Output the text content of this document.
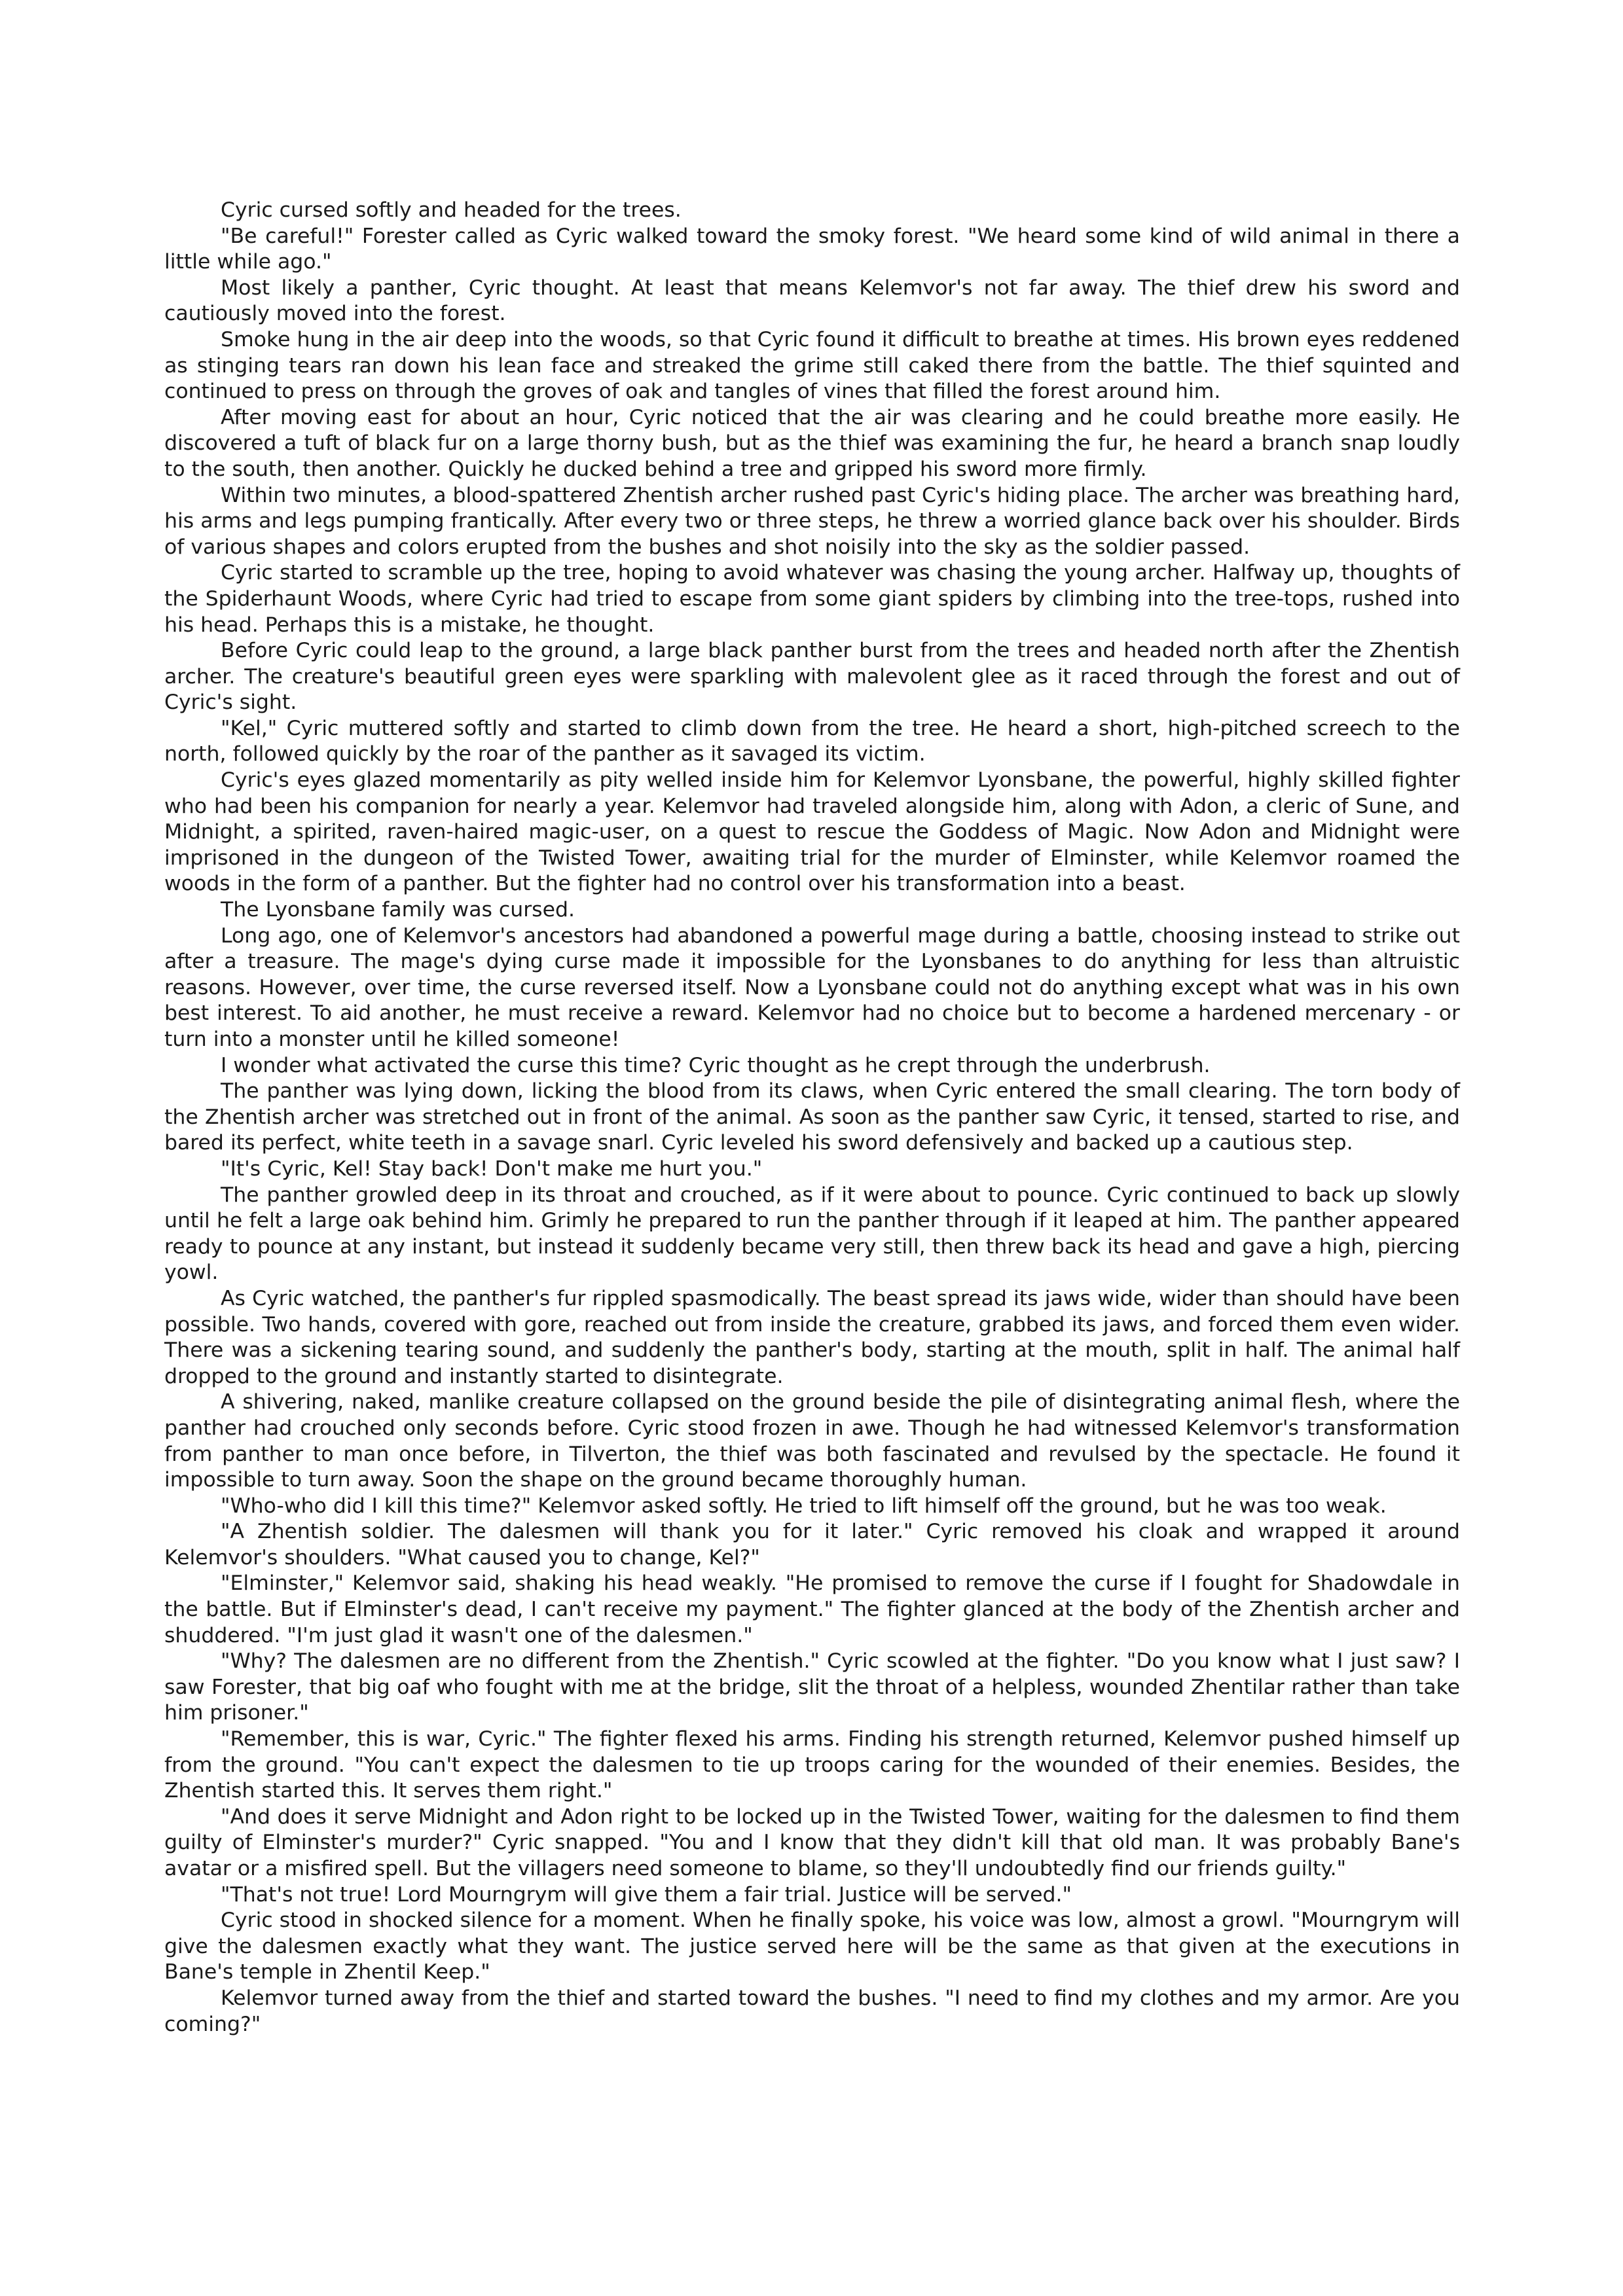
Cyric cursed softly and headed for the trees.

"Be careful!" Forester called as Cyric walked toward the smoky forest. "We heard some kind of wild animal in there a little while ago."

Most likely a panther, Cyric thought. At least that means Kelemvor's not far away. The thief drew his sword and cautiously moved into the forest.

Smoke hung in the air deep into the woods, so that Cyric found it difficult to breathe at times. His brown eyes reddened as stinging tears ran down his lean face and streaked the grime still caked there from the battle. The thief squinted and continued to press on through the groves of oak and tangles of vines that filled the forest around him.

After moving east for about an hour, Cyric noticed that the air was clearing and he could breathe more easily. He discovered a tuft of black fur on a large thorny bush, but as the thief was examining the fur, he heard a branch snap loudly to the south, then another. Quickly he ducked behind a tree and gripped his sword more firmly.

Within two minutes, a blood-spattered Zhentish archer rushed past Cyric's hiding place. The archer was breathing hard, his arms and legs pumping frantically. After every two or three steps, he threw a worried glance back over his shoulder. Birds of various shapes and colors erupted from the bushes and shot noisily into the sky as the soldier passed.

Cyric started to scramble up the tree, hoping to avoid whatever was chasing the young archer. Halfway up, thoughts of the Spiderhaunt Woods, where Cyric had tried to escape from some giant spiders by climbing into the tree-tops, rushed into his head. Perhaps this is a mistake, he thought.

Before Cyric could leap to the ground, a large black panther burst from the trees and headed north after the Zhentish archer. The creature's beautiful green eyes were sparkling with malevolent glee as it raced through the forest and out of Cyric's sight.

"Kel," Cyric muttered softly and started to climb down from the tree. He heard a short, high-pitched screech to the north, followed quickly by the roar of the panther as it savaged its victim.

Cyric's eyes glazed momentarily as pity welled inside him for Kelemvor Lyonsbane, the powerful, highly skilled fighter who had been his companion for nearly a year. Kelemvor had traveled alongside him, along with Adon, a cleric of Sune, and Midnight, a spirited, raven-haired magic-user, on a quest to rescue the Goddess of Magic. Now Adon and Midnight were imprisoned in the dungeon of the Twisted Tower, awaiting trial for the murder of Elminster, while Kelemvor roamed the woods in the form of a panther. But the fighter had no control over his transformation into a beast.

The Lyonsbane family was cursed.

Long ago, one of Kelemvor's ancestors had abandoned a powerful mage during a battle, choosing instead to strike out after a treasure. The mage's dying curse made it impossible for the Lyonsbanes to do anything for less than altruistic reasons. However, over time, the curse reversed itself. Now a Lyonsbane could not do anything except what was in his own best interest. To aid another, he must receive a reward. Kelemvor had no choice but to become a hardened mercenary - or turn into a monster until he killed someone!

I wonder what activated the curse this time? Cyric thought as he crept through the underbrush.

The panther was lying down, licking the blood from its claws, when Cyric entered the small clearing. The torn body of the Zhentish archer was stretched out in front of the animal. As soon as the panther saw Cyric, it tensed, started to rise, and bared its perfect, white teeth in a savage snarl. Cyric leveled his sword defensively and backed up a cautious step.

"It's Cyric, Kel! Stay back! Don't make me hurt you."

The panther growled deep in its throat and crouched, as if it were about to pounce. Cyric continued to back up slowly until he felt a large oak behind him. Grimly he prepared to run the panther through if it leaped at him. The panther appeared ready to pounce at any instant, but instead it suddenly became very still, then threw back its head and gave a high, piercing yowl.

As Cyric watched, the panther's fur rippled spasmodically. The beast spread its jaws wide, wider than should have been possible. Two hands, covered with gore, reached out from inside the creature, grabbed its jaws, and forced them even wider. There was a sickening tearing sound, and suddenly the panther's body, starting at the mouth, split in half. The animal half dropped to the ground and instantly started to disintegrate.

A shivering, naked, manlike creature collapsed on the ground beside the pile of disintegrating animal flesh, where the panther had crouched only seconds before. Cyric stood frozen in awe. Though he had witnessed Kelemvor's transformation from panther to man once before, in Tilverton, the thief was both fascinated and revulsed by the spectacle. He found it impossible to turn away. Soon the shape on the ground became thoroughly human.

"Who-who did I kill this time?" Kelemvor asked softly. He tried to lift himself off the ground, but he was too weak.

"A Zhentish soldier. The dalesmen will thank you for it later." Cyric removed his cloak and wrapped it around Kelemvor's shoulders. "What caused you to change, Kel?"

"Elminster," Kelemvor said, shaking his head weakly. "He promised to remove the curse if I fought for Shadowdale in the battle. But if Elminster's dead, I can't receive my payment." The fighter glanced at the body of the Zhentish archer and shuddered. "I'm just glad it wasn't one of the dalesmen."

"Why? The dalesmen are no different from the Zhentish." Cyric scowled at the fighter. "Do you know what I just saw? I saw Forester, that big oaf who fought with me at the bridge, slit the throat of a helpless, wounded Zhentilar rather than take him prisoner."

"Remember, this is war, Cyric." The fighter flexed his arms. Finding his strength returned, Kelemvor pushed himself up from the ground. "You can't expect the dalesmen to tie up troops caring for the wounded of their enemies. Besides, the Zhentish started this. It serves them right."

"And does it serve Midnight and Adon right to be locked up in the Twisted Tower, waiting for the dalesmen to find them guilty of Elminster's murder?" Cyric snapped. "You and I know that they didn't kill that old man. It was probably Bane's avatar or a misfired spell. But the villagers need someone to blame, so they'll undoubtedly find our friends guilty."

"That's not true! Lord Mourngrym will give them a fair trial. Justice will be served."

Cyric stood in shocked silence for a moment. When he finally spoke, his voice was low, almost a growl. "Mourngrym will give the dalesmen exactly what they want. The justice served here will be the same as that given at the executions in Bane's temple in Zhentil Keep."

Kelemvor turned away from the thief and started toward the bushes. "I need to find my clothes and my armor. Are you coming?"
